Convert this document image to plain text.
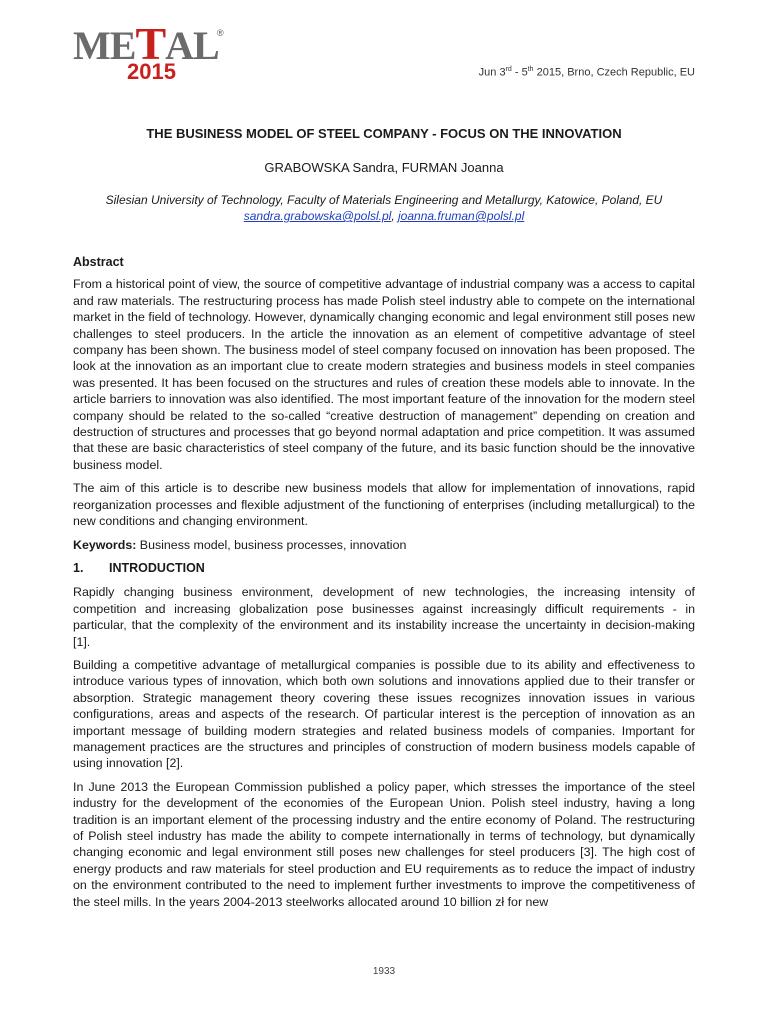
METAL
®
2015	Jun 3rd - 5th 2015, Brno, Czech Republic, EU
THE BUSINESS MODEL OF STEEL COMPANY - FOCUS ON THE INNOVATION
GRABOWSKA Sandra, FURMAN Joanna
Silesian University of Technology, Faculty of Materials Engineering and Metallurgy, Katowice, Poland, EU
sandra.grabowska@polsl.pl, joanna.fruman@polsl.pl
Abstract

From a historical point of view, the source of competitive advantage of industrial company was a access to capital and raw materials. The restructuring process has made Polish steel industry able to compete on the international market in the field of technology. However, dynamically changing economic and legal environment still poses new challenges to steel producers. In the article the innovation as an element of competitive advantage of steel company has been shown. The business model of steel company focused on innovation has been proposed. The look at the innovation as an important clue to create modern strategies and business models in steel companies was presented. It has been focused on the structures and rules of creation these models able to innovate. In the article barriers to innovation was also identified. The most important feature of the innovation for the modern steel company should be related to the so-called “creative destruction of management” depending on creation and destruction of structures and processes that go beyond normal adaptation and price competition. It was assumed that these are basic characteristics of steel company of the future, and its basic function should be the innovative business model.

The aim of this article is to describe new business models that allow for implementation of innovations, rapid reorganization processes and flexible adjustment of the functioning of enterprises (including metallurgical) to the new conditions and changing environment.

Keywords: Business model, business processes, innovation

1. INTRODUCTION

Rapidly changing business environment, development of new technologies, the increasing intensity of competition and increasing globalization pose businesses against increasingly difficult requirements - in particular, that the complexity of the environment and its instability increase the uncertainty in decision-making [1].

Building a competitive advantage of metallurgical companies is possible due to its ability and effectiveness to introduce various types of innovation, which both own solutions and innovations applied due to their transfer or absorption. Strategic management theory covering these issues recognizes innovation issues in various configurations, areas and aspects of the research. Of particular interest is the perception of innovation as an important message of building modern strategies and related business models of companies. Important for management practices are the structures and principles of construction of modern business models capable of using innovation [2].

In June 2013 the European Commission published a policy paper, which stresses the importance of the steel industry for the development of the economies of the European Union. Polish steel industry, having a long tradition is an important element of the processing industry and the entire economy of Poland. The restructuring of Polish steel industry has made the ability to compete internationally in terms of technology, but dynamically changing economic and legal environment still poses new challenges for steel producers [3]. The high cost of energy products and raw materials for steel production and EU requirements as to reduce the impact of industry on the environment contributed to the need to implement further investments to improve the competitiveness of the steel mills. In the years 2004-2013 steelworks allocated around 10 billion zł for new

1933
